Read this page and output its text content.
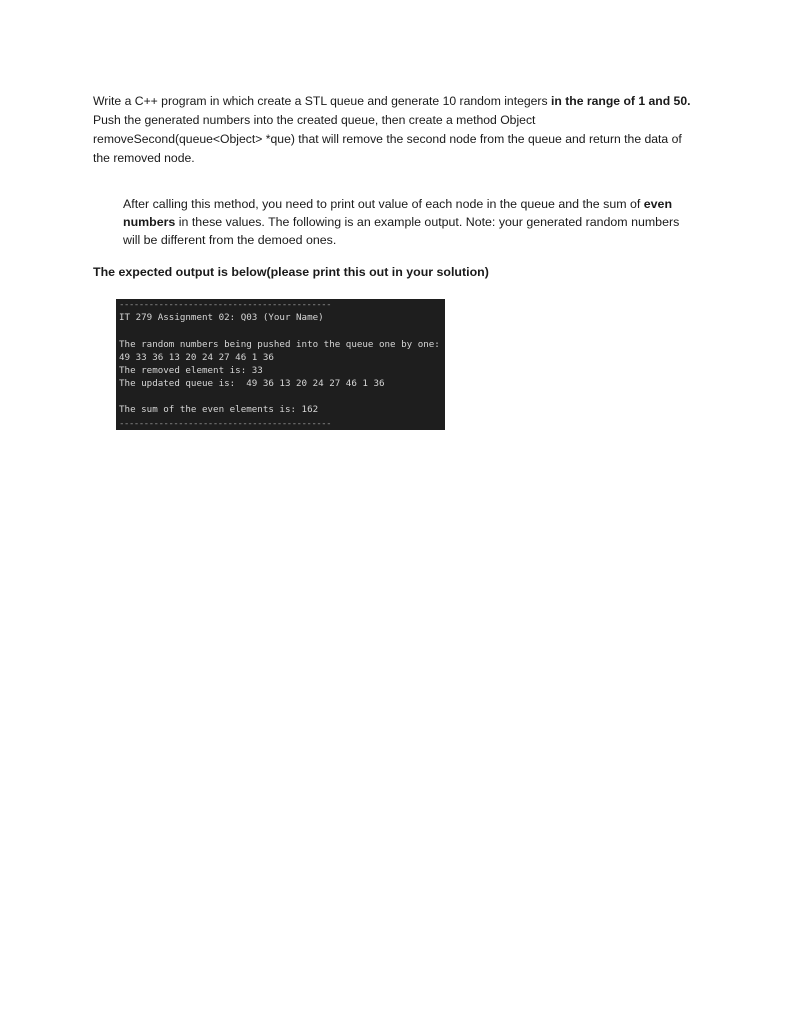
Write a C++ program in which create a STL queue and generate 10 random integers in the range of 1 and 50. Push the generated numbers into the created queue, then create a method Object removeSecond(queue<Object> *que) that will remove the second node from the queue and return the data of the removed node.

After calling this method, you need to print out value of each node in the queue and the sum of even numbers in these values. The following is an example output. Note: your generated random numbers will be different from the demoed ones.

The expected output is below(please print this out in your solution)

-------------------------------------------
IT 279 Assignment 02: Q03 (Your Name)
The random numbers being pushed into the queue one by one:
49 33 36 13 20 24 27 46 1 36
The removed element is: 33
The updated queue is:  49 36 13 20 24 27 46 1 36
The sum of the even elements is: 162
-------------------------------------------
